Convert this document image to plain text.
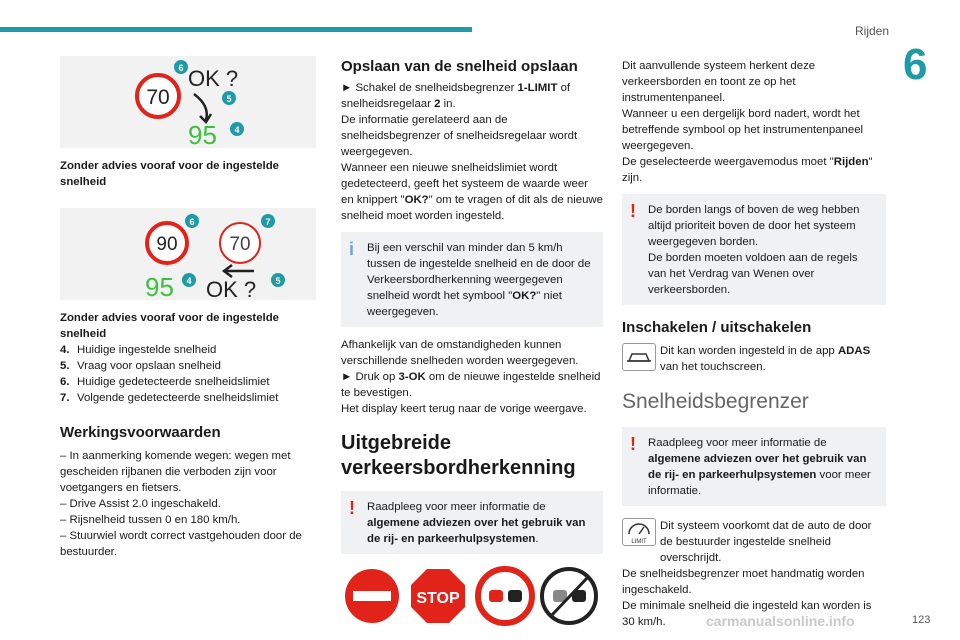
Rijden
6
70
OK ?
95
6
5
4

Zonder advies vooraf voor de ingestelde snelheid

90	70
95 OK ?
6	7
4	5

Zonder advies vooraf voor de ingestelde snelheid

4. Huidige ingestelde snelheid

5. Vraag voor opslaan snelheid

6. Huidige gedetecteerde snelheidslimiet

7. Volgende gedetecteerde snelheidslimiet

Werkingsvoorwaarden

– In aanmerking komende wegen: wegen met gescheiden rijbanen die verboden zijn voor voetgangers en fietsers.

– Drive Assist 2.0 ingeschakeld.

– Rijsnelheid tussen 0 en 180 km/h.

– Stuurwiel wordt correct vastgehouden door de bestuurder.

Opslaan van de snelheid opslaan

► Schakel de snelheidsbegrenzer 1-LIMIT of snelheidsregelaar 2 in.

De informatie gerelateerd aan de snelheidsbegrenzer of snelheidsregelaar wordt weergegeven.

Wanneer een nieuwe snelheidslimiet wordt gedetecteerd, geeft het systeem de waarde weer en knippert "OK?" om te vragen of dit als de nieuwe snelheid moet worden ingesteld.

i Bij een verschil van minder dan 5 km/h tussen de ingestelde snelheid en de door de Verkeersbordherkenning weergegeven snelheid wordt het symbool "OK?" niet weergegeven.

Afhankelijk van de omstandigheden kunnen verschillende snelheden worden weergegeven.

► Druk op 3-OK om de nieuwe ingestelde snelheid te bevestigen.

Het display keert terug naar de vorige weergave.

Uitgebreide verkeersbordherkenning

! Raadpleeg voor meer informatie de algemene adviezen over het gebruik van de rij- en parkeerhulpsystemen.

STOP

Dit aanvullende systeem herkent deze verkeersborden en toont ze op het instrumentenpaneel.

Wanneer u een dergelijk bord nadert, wordt het betreffende symbool op het instrumentenpaneel weergegeven.

De geselecteerde weergavemodus moet "Rijden" zijn.

! De borden langs of boven de weg hebben altijd prioriteit boven de door het systeem weergegeven borden.

De borden moeten voldoen aan de regels van het Verdrag van Wenen over verkeersborden.

Inschakelen / uitschakelen

Dit kan worden ingesteld in de app ADAS van het touchscreen.

Snelheidsbegrenzer

! Raadpleeg voor meer informatie de algemene adviezen over het gebruik van de rij- en parkeerhulpsystemen voor meer informatie.

LIMIT

Dit systeem voorkomt dat de auto de door de bestuurder ingestelde snelheid overschrijdt.

De snelheidsbegrenzer moet handmatig worden ingeschakeld.

De minimale snelheid die ingesteld kan worden is 30 km/h.	carmanualsonline.info	123
